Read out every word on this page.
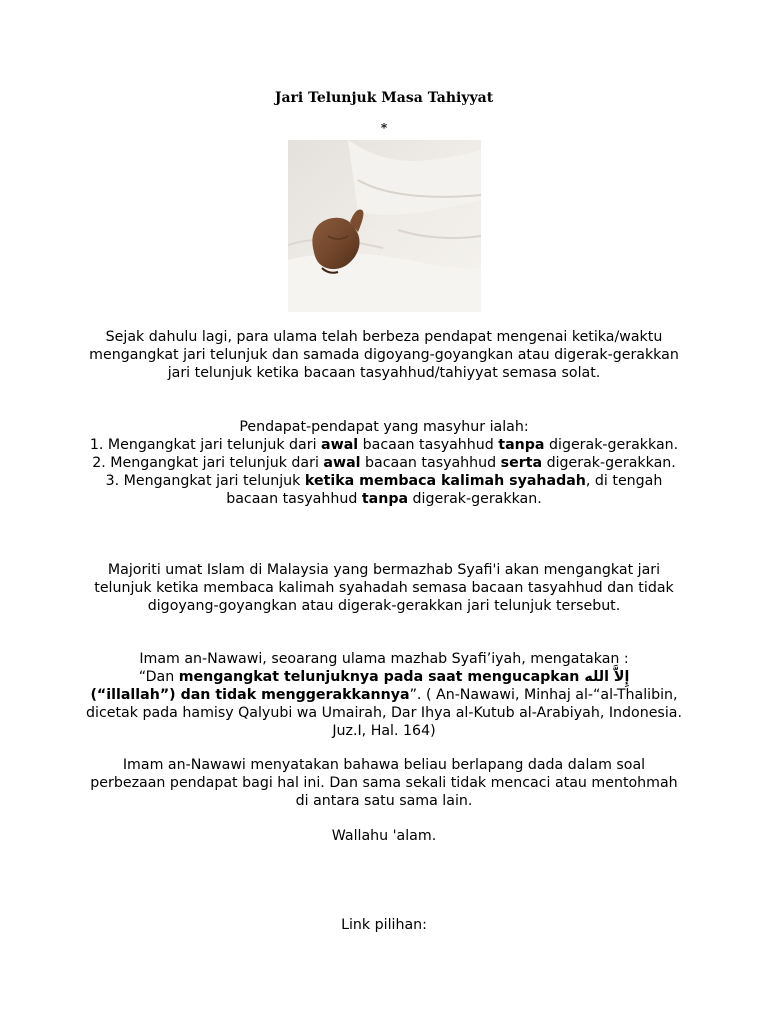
Jari Telunjuk Masa Tahiyyat
*
Sejak dahulu lagi, para ulama telah berbeza pendapat mengenai ketika/waktu mengangkat jari telunjuk dan samada digoyang-goyangkan atau digerak-gerakkan jari telunjuk ketika bacaan tasyahhud/tahiyyat semasa solat.
Pendapat-pendapat yang masyhur ialah:
1. Mengangkat jari telunjuk dari awal bacaan tasyahhud tanpa digerak-gerakkan.
2. Mengangkat jari telunjuk dari awal bacaan tasyahhud serta digerak-gerakkan.
3. Mengangkat jari telunjuk ketika membaca kalimah syahadah, di tengah bacaan tasyahhud tanpa digerak-gerakkan.
Majoriti umat Islam di Malaysia yang bermazhab Syafi'i akan mengangkat jari telunjuk ketika membaca kalimah syahadah semasa bacaan tasyahhud dan tidak digoyang-goyangkan atau digerak-gerakkan jari telunjuk tersebut.
Imam an-Nawawi, seoarang ulama mazhab Syafi’iyah, mengatakan :
“Dan mengangkat telunjuknya pada saat mengucapkan إِلاَّ الله
(“illallah”) dan tidak menggerakkannya”. ( An-Nawawi, Minhaj al-“al-Thalibin, dicetak pada hamisy Qalyubi wa Umairah, Dar Ihya al-Kutub al-Arabiyah, Indonesia. Juz.I, Hal. 164)
Imam an-Nawawi menyatakan bahawa beliau berlapang dada dalam soal perbezaan pendapat bagi hal ini. Dan sama sekali tidak mencaci atau mentohmah di antara satu sama lain.
Wallahu 'alam.
Link pilihan:
